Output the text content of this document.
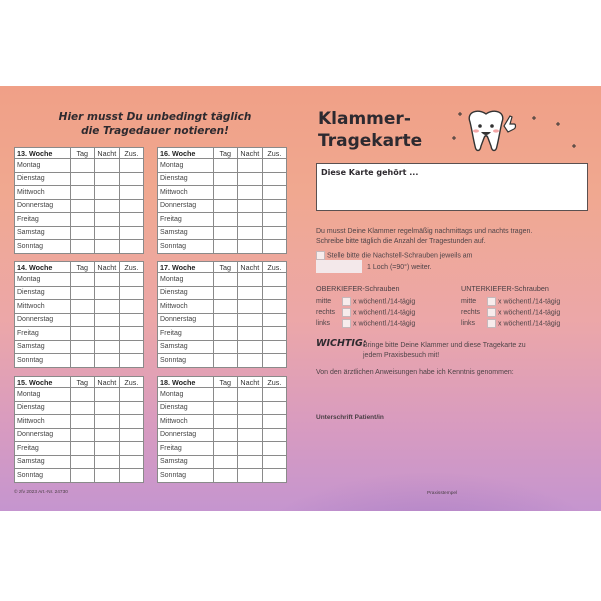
Hier musst Du unbedingt täglich
die Tragedauer notieren!
13. Woche	Tag	Nacht	Zus.
Montag			
Dienstag			
Mittwoch			
Donnerstag			
Freitag			
Samstag			
Sonntag			
14. Woche	Tag	Nacht	Zus.
Montag			
Dienstag			
Mittwoch			
Donnerstag			
Freitag			
Samstag			
Sonntag			
15. Woche	Tag	Nacht	Zus.
Montag			
Dienstag			
Mittwoch			
Donnerstag			
Freitag			
Samstag			
Sonntag			
16. Woche	Tag	Nacht	Zus.
Montag			
Dienstag			
Mittwoch			
Donnerstag			
Freitag			
Samstag			
Sonntag			
17. Woche	Tag	Nacht	Zus.
Montag			
Dienstag			
Mittwoch			
Donnerstag			
Freitag			
Samstag			
Sonntag			
18. Woche	Tag	Nacht	Zus.
Montag			
Dienstag			
Mittwoch			
Donnerstag			
Freitag			
Samstag			
Sonntag			
Klammer-
Tragekarte
Diese Karte gehört ...
Du musst Deine Klammer regelmäßig nachmittags und nachts tragen.
Schreibe bitte täglich die Anzahl der Tragestunden auf.
Stelle bitte die Nachstell-Schrauben jeweils am
1 Loch (=90°) weiter.
OBERKIEFER-Schrauben
mitte	x wöchentl./14-tägig
rechts	x wöchentl./14-tägig
links	x wöchentl./14-tägig
UNTERKIEFER-Schrauben
mitte	x wöchentl./14-tägig
rechts	x wöchentl./14-tägig
links	x wöchentl./14-tägig
WICHTIG:
Bringe bitte Deine Klammer und diese Tragekarte zu
jedem Praxisbesuch mit!
Von den ärztlichen Anweisungen habe ich Kenntnis genommen:
Unterschrift Patient/in
© zfv 2023 Art.-Nr. 24730	Praxisstempel
